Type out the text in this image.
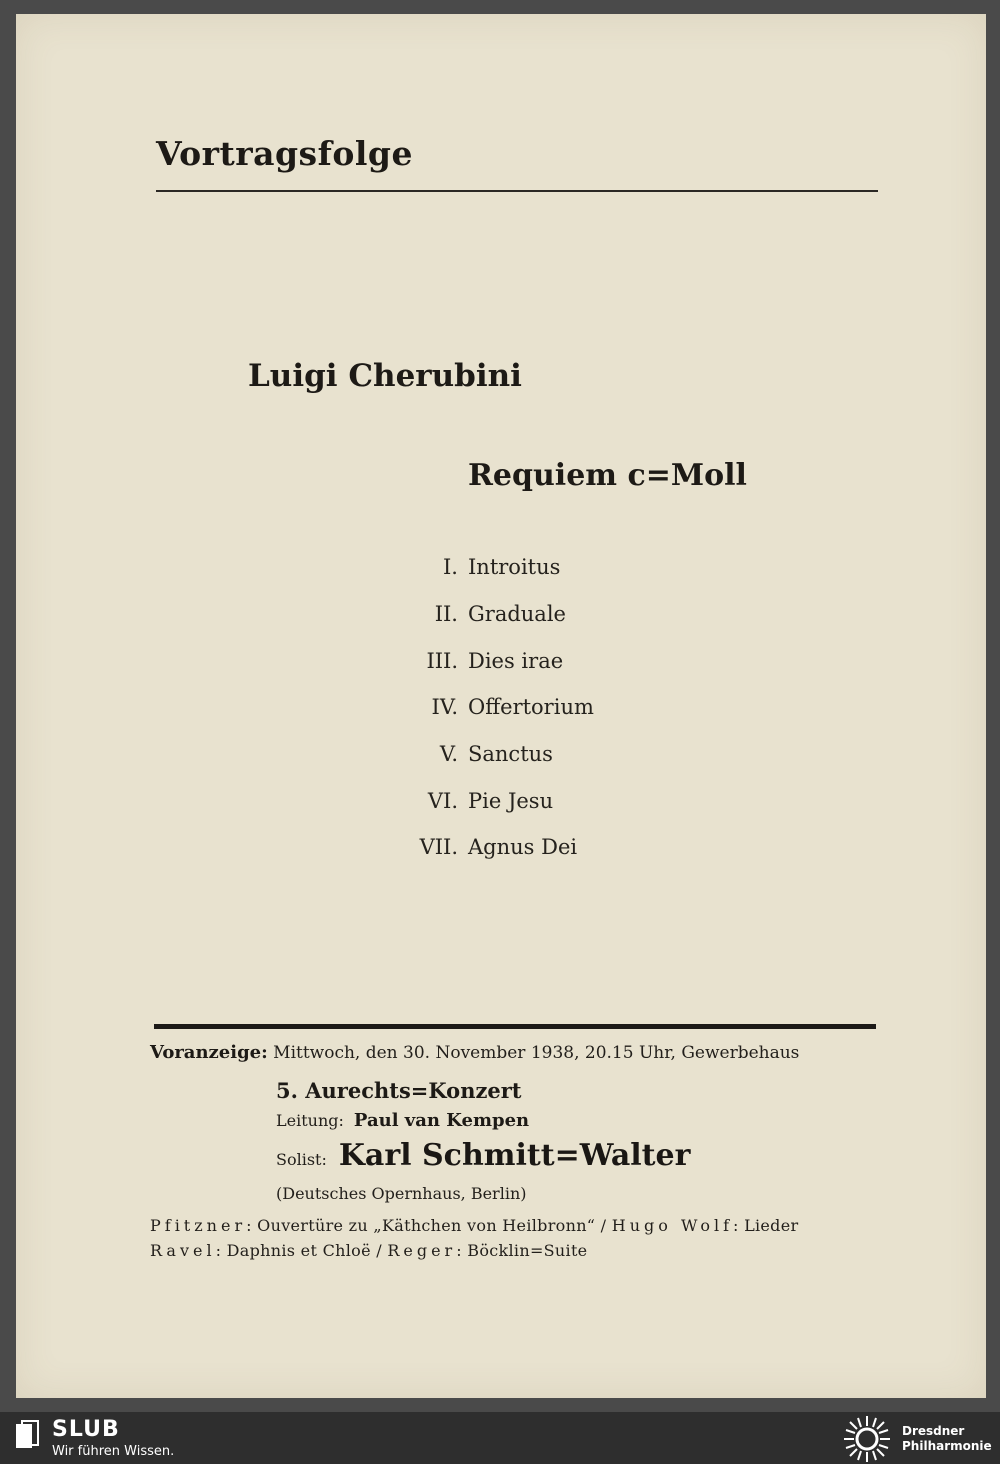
Vortragsfolge
Luigi Cherubini
Requiem c=Moll
I. Introitus
II. Graduale
III. Dies irae
IV. Offertorium
V. Sanctus
VI. Pie Jesu
VII. Agnus Dei
Voranzeige: Mittwoch, den 30. November 1938, 20.15 Uhr, Gewerbehaus
5. Aurechts=Konzert
Leitung: Paul van Kempen
Solist: Karl Schmitt=Walter
(Deutsches Opernhaus, Berlin)
Pfitzner: Ouvertüre zu „Käthchen von Heilbronn“ / Hugo Wolf: Lieder
Ravel: Daphnis et Chloë / Reger: Böcklin=Suite
SLUB
Wir führen Wissen.
Dresdner
Philharmonie
